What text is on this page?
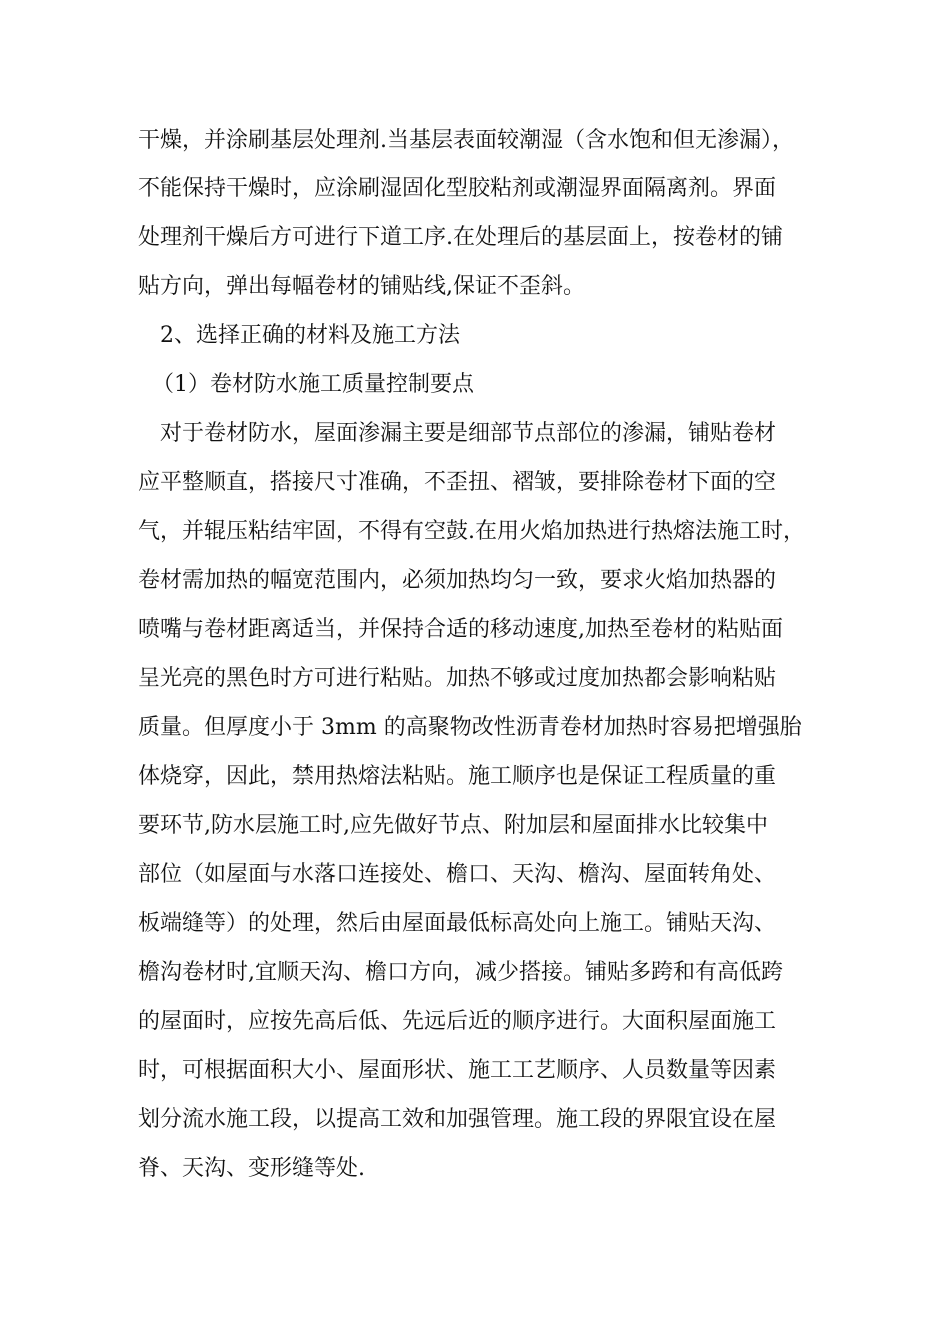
干燥，并涂刷基层处理剂.当基层表面较潮湿（含水饱和但无渗漏），
不能保持干燥时，应涂刷湿固化型胶粘剂或潮湿界面隔离剂。界面
处理剂干燥后方可进行下道工序.在处理后的基层面上，按卷材的铺
贴方向，弹出每幅卷材的铺贴线,保证不歪斜。
2、选择正确的材料及施工方法
（1）卷材防水施工质量控制要点
对于卷材防水，屋面渗漏主要是细部节点部位的渗漏，铺贴卷材
应平整顺直，搭接尺寸准确，不歪扭、褶皱，要排除卷材下面的空
气，并辊压粘结牢固，不得有空鼓.在用火焰加热进行热熔法施工时，
卷材需加热的幅宽范围内，必须加热均匀一致，要求火焰加热器的
喷嘴与卷材距离适当，并保持合适的移动速度,加热至卷材的粘贴面
呈光亮的黑色时方可进行粘贴。加热不够或过度加热都会影响粘贴
质量。但厚度小于 3mm 的高聚物改性沥青卷材加热时容易把增强胎
体烧穿，因此，禁用热熔法粘贴。施工顺序也是保证工程质量的重
要环节,防水层施工时,应先做好节点、附加层和屋面排水比较集中
部位（如屋面与水落口连接处、檐口、天沟、檐沟、屋面转角处、
板端缝等）的处理，然后由屋面最低标高处向上施工。铺贴天沟、
檐沟卷材时,宜顺天沟、檐口方向，减少搭接。铺贴多跨和有高低跨
的屋面时，应按先高后低、先远后近的顺序进行。大面积屋面施工
时，可根据面积大小、屋面形状、施工工艺顺序、人员数量等因素
划分流水施工段，以提高工效和加强管理。施工段的界限宜设在屋
脊、天沟、变形缝等处.
